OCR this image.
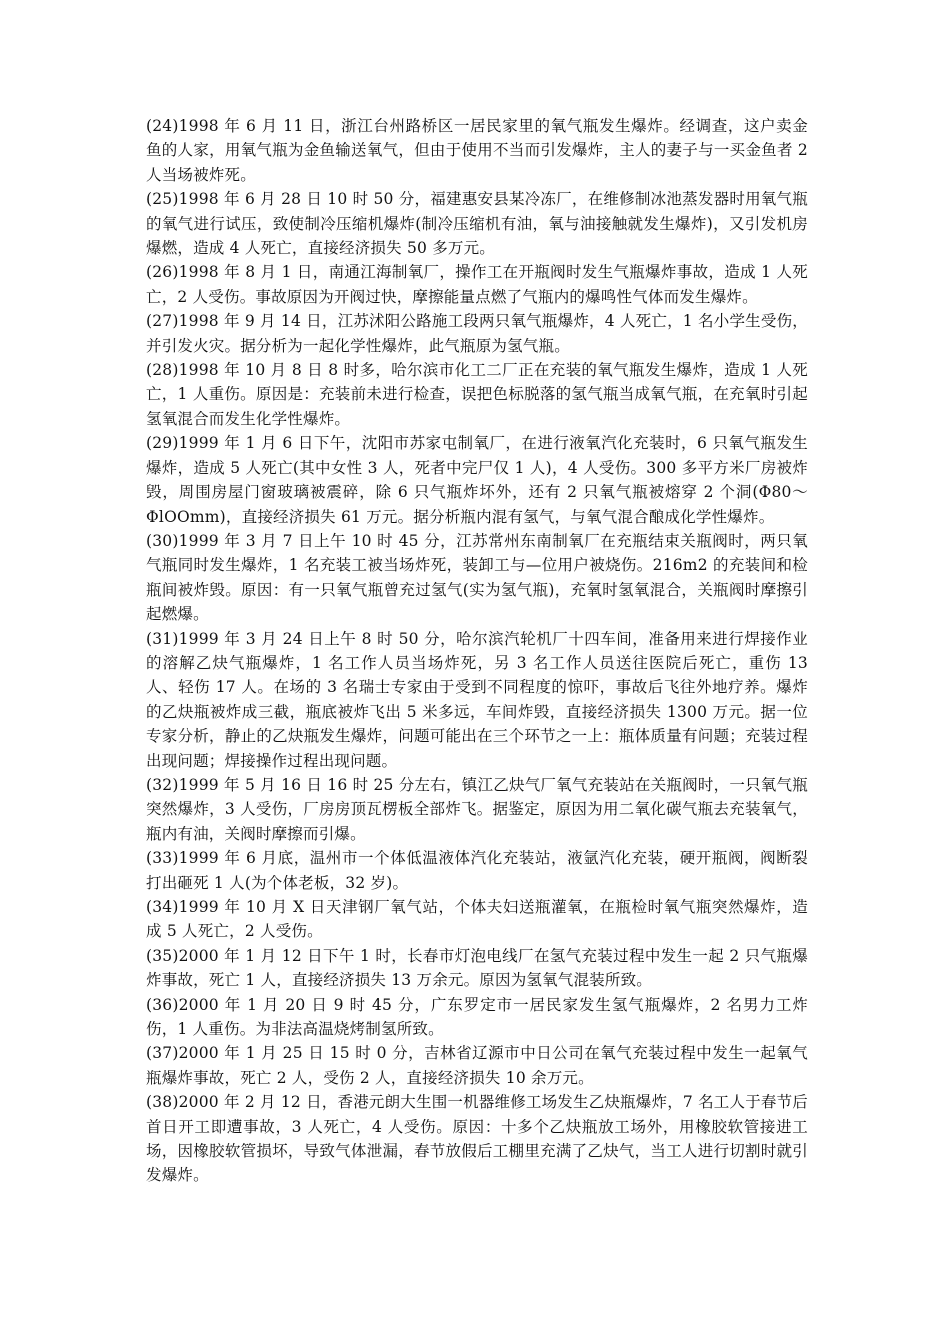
(24)1998 年 6 月 11 日，浙江台州路桥区一居民家里的氧气瓶发生爆炸。经调查，这户卖金鱼的人家，用氧气瓶为金鱼输送氧气，但由于使用不当而引发爆炸，主人的妻子与一买金鱼者 2 人当场被炸死。

(25)1998 年 6 月 28 日 10 时 50 分，福建惠安县某冷冻厂，在维修制冰池蒸发器时用氧气瓶的氧气进行试压，致使制冷压缩机爆炸(制冷压缩机有油，氧与油接触就发生爆炸)，又引发机房爆燃，造成 4 人死亡，直接经济损失 50 多万元。

(26)1998 年 8 月 1 日，南通江海制氧厂，操作工在开瓶阀时发生气瓶爆炸事故，造成 1 人死亡，2 人受伤。事故原因为开阀过快，摩擦能量点燃了气瓶内的爆鸣性气体而发生爆炸。

(27)1998 年 9 月 14 日，江苏沭阳公路施工段两只氧气瓶爆炸，4 人死亡，1 名小学生受伤，并引发火灾。据分析为一起化学性爆炸，此气瓶原为氢气瓶。

(28)1998 年 10 月 8 日 8 时多，哈尔滨市化工二厂正在充装的氧气瓶发生爆炸，造成 1 人死亡，1 人重伤。原因是：充装前未进行检查，误把色标脱落的氢气瓶当成氧气瓶，在充氧时引起氢氧混合而发生化学性爆炸。

(29)1999 年 1 月 6 日下午，沈阳市苏家屯制氧厂，在进行液氧汽化充装时，6 只氧气瓶发生爆炸，造成 5 人死亡(其中女性 3 人，死者中完尸仅 1 人)，4 人受伤。300 多平方米厂房被炸毁，周围房屋门窗玻璃被震碎，除 6 只气瓶炸坏外，还有 2 只氧气瓶被熔穿 2 个洞(Φ80～ΦlOOmm)，直接经济损失 61 万元。据分析瓶内混有氢气，与氧气混合酿成化学性爆炸。

(30)1999 年 3 月 7 日上午 10 时 45 分，江苏常州东南制氧厂在充瓶结束关瓶阀时，两只氧气瓶同时发生爆炸，1 名充装工被当场炸死，装卸工与—位用户被烧伤。216m2 的充装间和检瓶间被炸毁。原因：有一只氧气瓶曾充过氢气(实为氢气瓶)，充氧时氢氧混合，关瓶阀时摩擦引起燃爆。

(31)1999 年 3 月 24 日上午 8 时 50 分，哈尔滨汽轮机厂十四车间，准备用来进行焊接作业的溶解乙炔气瓶爆炸，1 名工作人员当场炸死，另 3 名工作人员送往医院后死亡，重伤 13 人、轻伤 17 人。在场的 3 名瑞士专家由于受到不同程度的惊吓，事故后飞往外地疗养。爆炸的乙炔瓶被炸成三截，瓶底被炸飞出 5 米多远，车间炸毁，直接经济损失 1300 万元。据一位专家分析，静止的乙炔瓶发生爆炸，问题可能出在三个环节之一上：瓶体质量有问题；充装过程出现问题；焊接操作过程出现问题。

(32)1999 年 5 月 16 日 16 时 25 分左右，镇江乙炔气厂氧气充装站在关瓶阀时，一只氧气瓶突然爆炸，3 人受伤，厂房房顶瓦楞板全部炸飞。据鉴定，原因为用二氧化碳气瓶去充装氧气，瓶内有油，关阀时摩擦而引爆。

(33)1999 年 6 月底，温州市一个体低温液体汽化充装站，液氩汽化充装，硬开瓶阀，阀断裂打出砸死 1 人(为个体老板，32 岁)。

(34)1999 年 10 月 X 日天津钢厂氧气站，个体夫妇送瓶灌氧，在瓶检时氧气瓶突然爆炸，造成 5 人死亡，2 人受伤。

(35)2000 年 1 月 12 日下午 1 时，长春市灯泡电线厂在氢气充装过程中发生一起 2 只气瓶爆炸事故，死亡 1 人，直接经济损失 13 万余元。原因为氢氧气混装所致。

(36)2000 年 1 月 20 日 9 时 45 分，广东罗定市一居民家发生氢气瓶爆炸，2 名男力工炸伤，1 人重伤。为非法高温烧烤制氢所致。

(37)2000 年 1 月 25 日 15 时 0 分，吉林省辽源市中日公司在氧气充装过程中发生一起氧气瓶爆炸事故，死亡 2 人，受伤 2 人，直接经济损失 10 余万元。

(38)2000 年 2 月 12 日，香港元朗大生围一机器维修工场发生乙炔瓶爆炸，7 名工人于春节后首日开工即遭事故，3 人死亡，4 人受伤。原因：十多个乙炔瓶放工场外，用橡胶软管接进工场，因橡胶软管损坏，导致气体泄漏，春节放假后工棚里充满了乙炔气，当工人进行切割时就引发爆炸。
